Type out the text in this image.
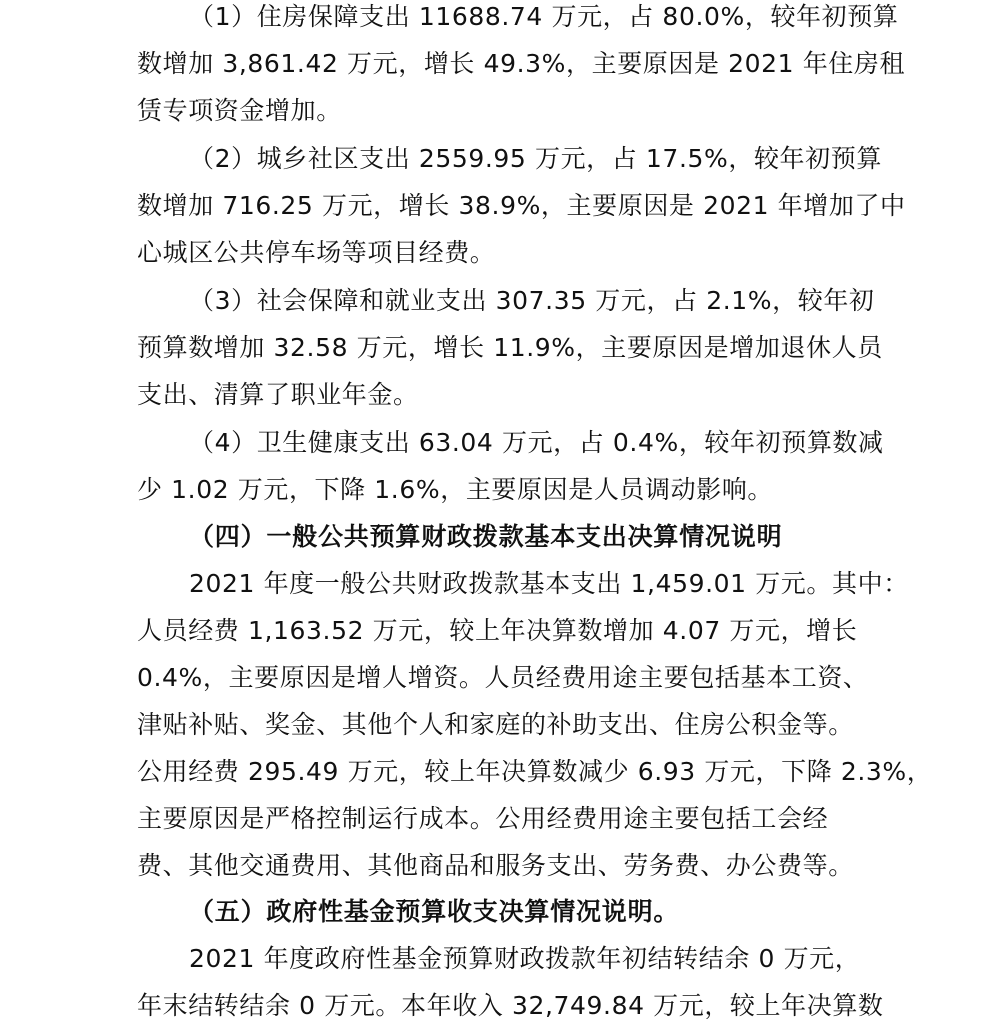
（1）住房保障支出 11688.74 万元，占 80.0%，较年初预算
数增加 3,861.42 万元，增长 49.3%，主要原因是 2021 年住房租
赁专项资金增加。
（2）城乡社区支出 2559.95 万元，占 17.5%，较年初预算
数增加 716.25 万元，增长 38.9%，主要原因是 2021 年增加了中
心城区公共停车场等项目经费。
（3）社会保障和就业支出 307.35 万元，占 2.1%，较年初
预算数增加 32.58 万元，增长 11.9%，主要原因是增加退休人员
支出、清算了职业年金。
（4）卫生健康支出 63.04 万元，占 0.4%，较年初预算数减
少 1.02 万元，下降 1.6%，主要原因是人员调动影响。
（四）一般公共预算财政拨款基本支出决算情况说明
2021 年度一般公共财政拨款基本支出 1,459.01 万元。其中：
人员经费 1,163.52 万元，较上年决算数增加 4.07 万元，增长
0.4%，主要原因是增人增资。人员经费用途主要包括基本工资、
津贴补贴、奖金、其他个人和家庭的补助支出、住房公积金等。
公用经费 295.49 万元，较上年决算数减少 6.93 万元，下降 2.3%，
主要原因是严格控制运行成本。公用经费用途主要包括工会经
费、其他交通费用、其他商品和服务支出、劳务费、办公费等。
（五）政府性基金预算收支决算情况说明。
2021 年度政府性基金预算财政拨款年初结转结余 0 万元，
年末结转结余 0 万元。本年收入 32,749.84 万元，较上年决算数
